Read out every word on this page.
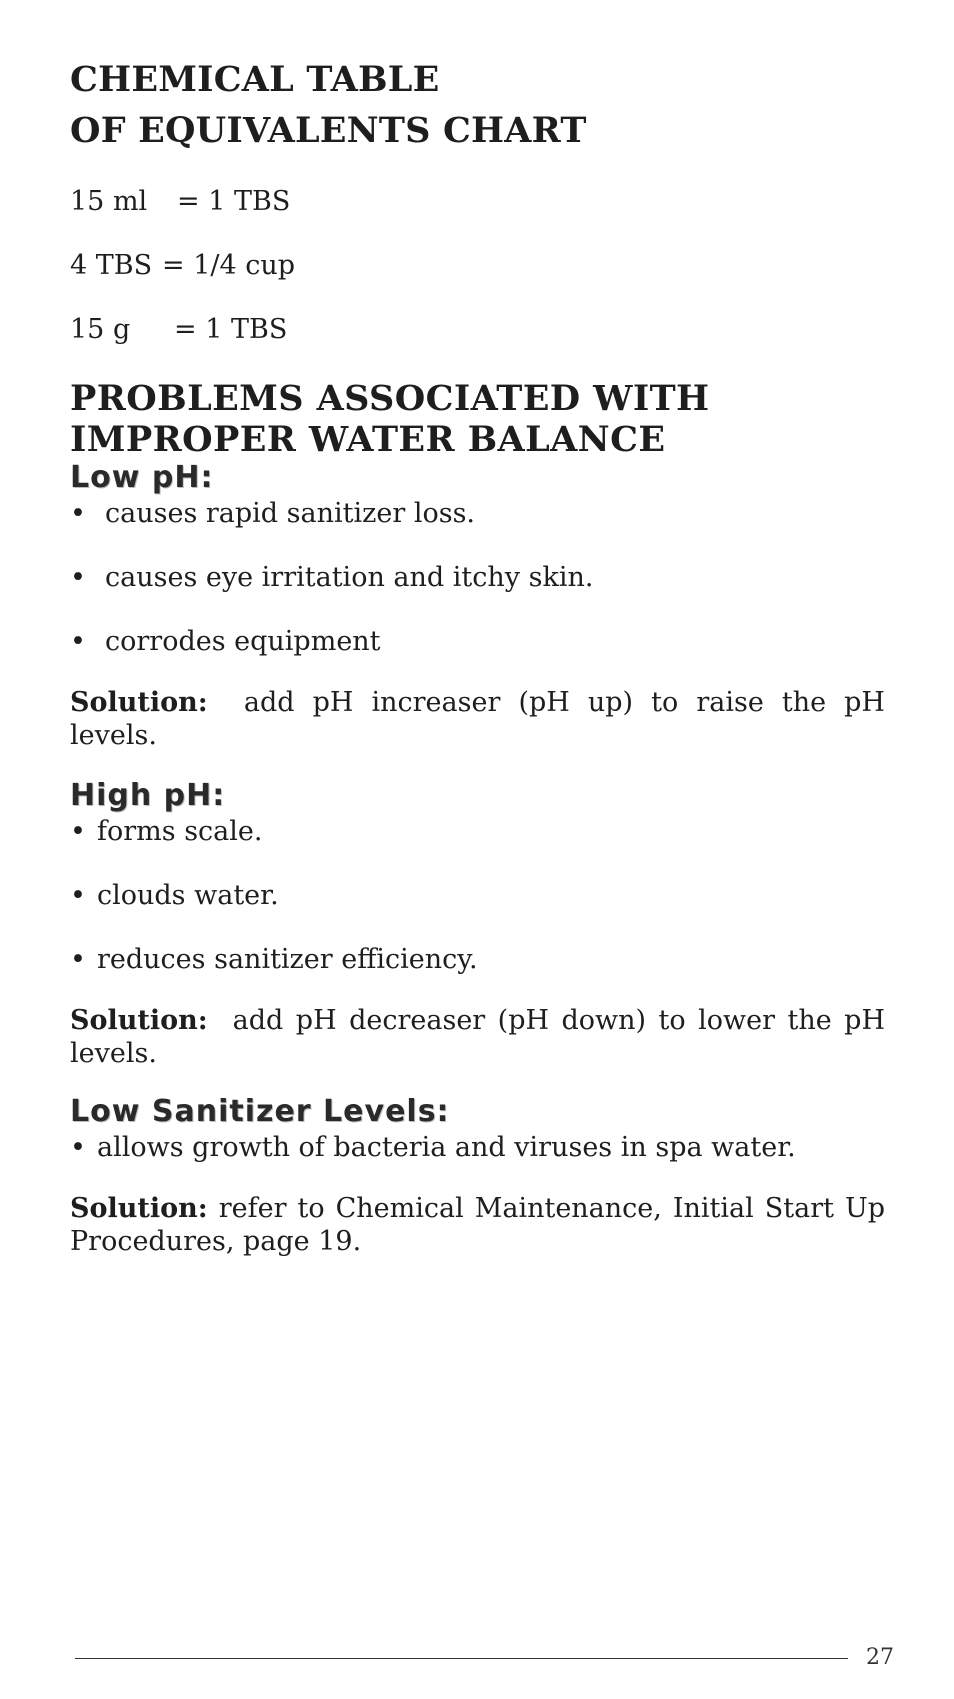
CHEMICAL TABLE
OF EQUIVALENTS CHART
15 ml	= 1 TBS
4 TBS = 1/4 cup
15 g	= 1 TBS
PROBLEMS ASSOCIATED WITH
IMPROPER WATER BALANCE
Low pH:
• causes rapid sanitizer loss.
• causes eye irritation and itchy skin.
• corrodes equipment

Solution: add pH increaser (pH up) to raise the pH levels.

High pH:
• forms scale.
• clouds water.
• reduces sanitizer efficiency.

Solution: add pH decreaser (pH down) to lower the pH levels.

Low Sanitizer Levels:
• allows growth of bacteria and viruses in spa water.

Solution: refer to Chemical Maintenance, Initial Start Up Procedures, page 19.

27
